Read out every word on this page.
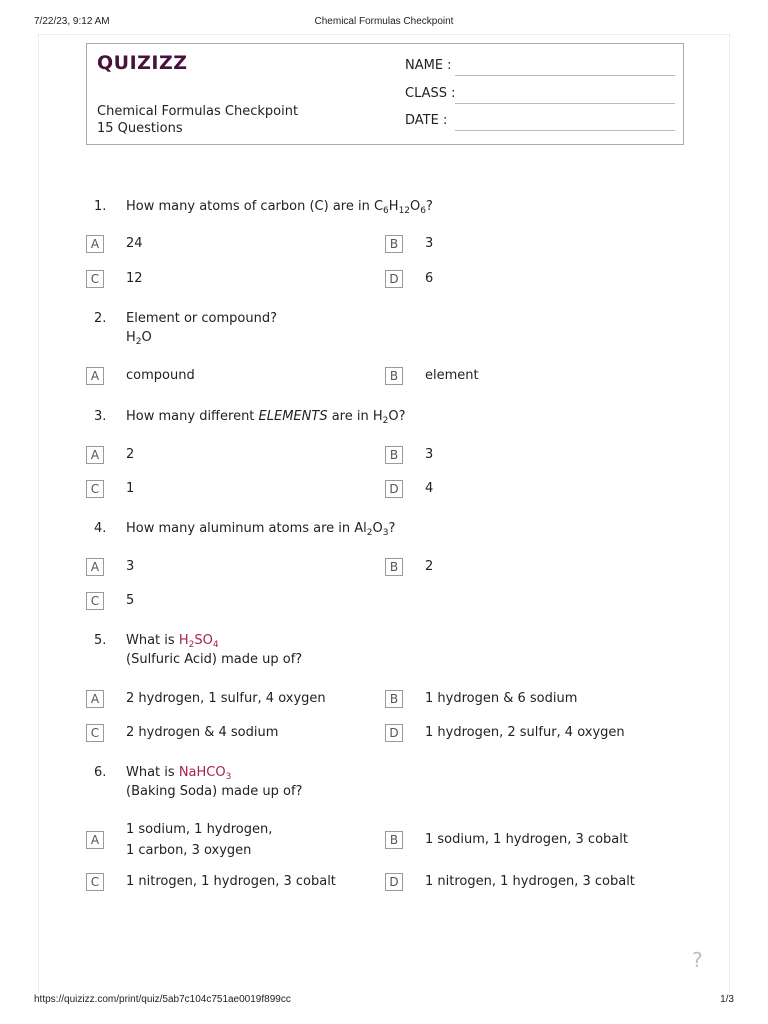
7/22/23, 9:12 AM	Chemical Formulas Checkpoint
QUIZIZZ
Chemical Formulas Checkpoint
15 Questions
NAME :
CLASS :
DATE :
1.	How many atoms of carbon (C) are in $C_6H_{12}O_6$?
A	24	B	3
C	12	D	6
2.	Element or compound?
$H_2O$
A	compound	B	element
3.	How many different ELEMENTS are in $H_2O$?
A	2	B	3
C	1	D	4
4.	How many aluminum atoms are in $Al_2O_3$?
A	3	B	2
C	5
5.	What is $H_2SO_4$
(Sulfuric Acid) made up of?
A	2 hydrogen, 1 sulfur, 4 oxygen	B	1 hydrogen & 6 sodium
C	2 hydrogen & 4 sodium	D	1 hydrogen, 2 sulfur, 4 oxygen
6.	What is NaHCO$_3$
(Baking Soda) made up of?
A
1 sodium, 1 hydrogen,
1 carbon, 3 oxygen
B	1 sodium, 1 hydrogen, 3 cobalt
C	1 nitrogen, 1 hydrogen, 3 cobalt	D	1 nitrogen, 1 hydrogen, 3 cobalt
?
https://quizizz.com/print/quiz/5ab7c104c751ae0019f899cc	1/3
